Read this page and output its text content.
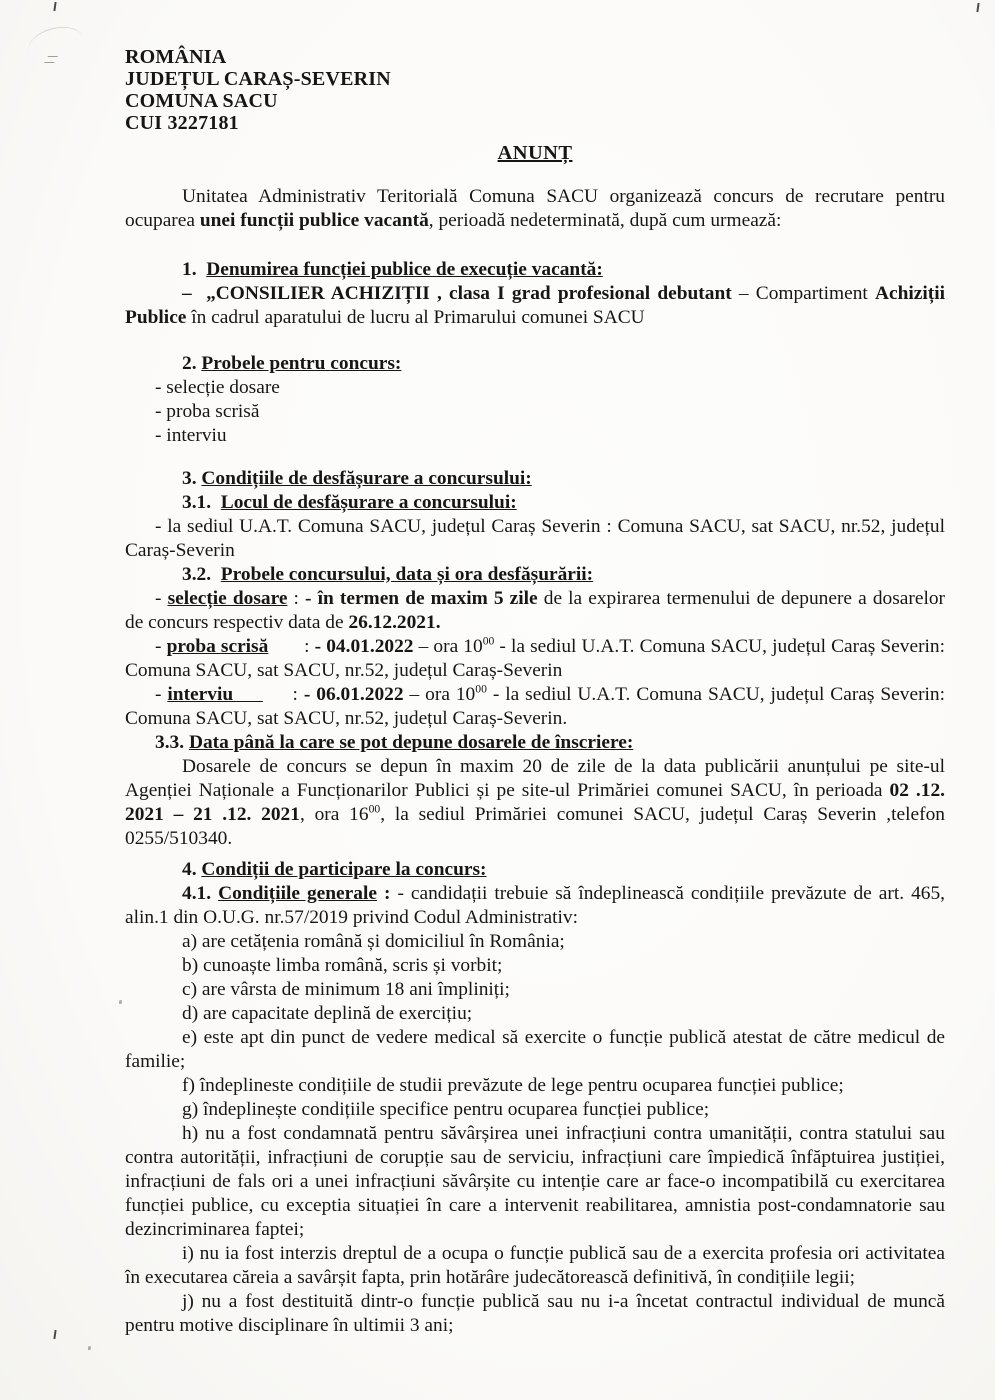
ROMÂNIA
JUDEȚUL CARAȘ-SEVERIN
COMUNA SACU
CUI 3227181

ANUNȚ

Unitatea Administrativ Teritorială Comuna SACU organizează concurs de recrutare pentru ocuparea unei funcții publice vacantă, perioadă nedeterminată, după cum urmează:

1.  Denumirea funcției publice de execuție vacantă:

–  „CONSILIER ACHIZIȚII , clasa I grad profesional debutant – Compartiment Achiziții Publice în cadrul aparatului de lucru al Primarului comunei SACU

2. Probele pentru concurs:

- selecție dosare

- proba scrisă

- interviu

3. Condițiile de desfășurare a concursului:

3.1.  Locul de desfășurare a concursului:

- la sediul U.A.T. Comuna SACU, județul Caraș Severin : Comuna SACU, sat SACU, nr.52, județul Caraș-Severin

3.2.  Probele concursului, data și ora desfășurării:

- selecție dosare : - în termen de maxim 5 zile de la expirarea termenului de depunere a dosarelor de concurs respectiv data de 26.12.2021.

- proba scrisă       : - 04.01.2022 – ora $10^{00}$ - la sediul U.A.T. Comuna SACU, județul Caraș Severin: Comuna SACU, sat SACU, nr.52, județul Caraș-Severin

- interviu          : - 06.01.2022 – ora $10^{00}$ - la sediul U.A.T. Comuna SACU, județul Caraș Severin: Comuna SACU, sat SACU, nr.52, județul Caraș-Severin.

3.3. Data până la care se pot depune dosarele de înscriere:

Dosarele de concurs se depun în maxim 20 de zile de la data publicării anunțului pe site-ul Agenției Naționale a Funcționarilor Publici și pe site-ul Primăriei comunei SACU, în perioada 02 .12. 2021 – 21 .12. 2021, ora $16^{00}$, la sediul Primăriei comunei SACU, județul Caraș Severin ,telefon 0255/510340.

4. Condiții de participare la concurs:

4.1. Condițiile generale : - candidații trebuie să îndeplinească condițiile prevăzute de art. 465, alin.1 din O.U.G. nr.57/2019 privind Codul Administrativ:

a) are cetățenia română și domiciliul în România;

b) cunoaște limba română, scris și vorbit;

c) are vârsta de minimum 18 ani împliniți;

d) are capacitate deplină de exercițiu;

e) este apt din punct de vedere medical să exercite o funcție publică atestat de către medicul de familie;

f) îndeplineste condițiile de studii prevăzute de lege pentru ocuparea funcției publice;

g) îndeplinește condițiile specifice pentru ocuparea funcției publice;

h) nu a fost condamnată pentru săvârșirea unei infracțiuni contra umanității, contra statului sau contra autorității, infracțiuni de corupție sau de serviciu, infracțiuni care împiedică înfăptuirea justiției, infracțiuni de fals ori a unei infracțiuni săvârșite cu intenție care ar face-o incompatibilă cu exercitarea funcției publice, cu exceptia situației în care a intervenit reabilitarea, amnistia post-condamnatorie sau dezincriminarea faptei;

i) nu ia fost interzis dreptul de a ocupa o funcție publică sau de a exercita profesia ori activitatea în executarea căreia a savârșit fapta, prin hotărâre judecătorească definitivă, în condițiile legii;

j) nu a fost destituită dintr-o funcție publică sau nu i-a încetat contractul individual de muncă pentru motive disciplinare în ultimii 3 ani;
